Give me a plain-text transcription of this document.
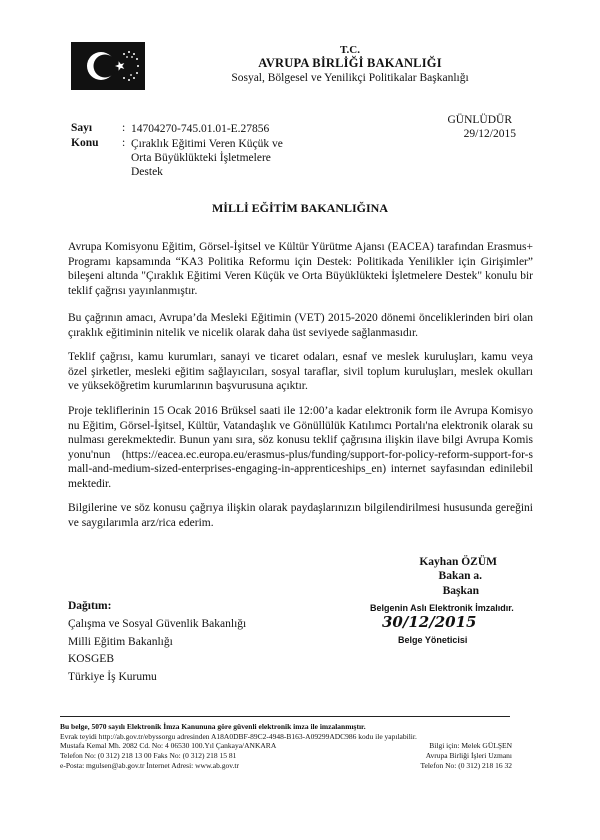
T.C.
AVRUPA BİRLİĞİ BAKANLIĞI
Sosyal, Bölgesel ve Yenilikçi Politikalar Başkanlığı
GÜNLÜDÜR
29/12/2015
Sayı	: 14704270-745.01.01-E.27856
Konu : Çıraklık Eğitimi Veren Küçük ve
Orta Büyüklükteki İşletmelere
Destek
MİLLİ EĞİTİM BAKANLIĞINA
Avrupa Komisyonu Eğitim, Görsel-İşitsel ve Kültür Yürütme Ajansı (EACEA) tarafından Erasmus+ Programı kapsamında “KA3 Politika Reformu için Destek: Politikada Yenilikler için Girişimler” bileşeni altında "Çıraklık Eğitimi Veren Küçük ve Orta Büyüklükteki İşletmelere Destek" konulu bir teklif çağrısı yayınlanmıştır.
Bu çağrının amacı, Avrupa’da Mesleki Eğitimin (VET) 2015-2020 dönemi önceliklerinden biri olan çıraklık eğitiminin nitelik ve nicelik olarak daha üst seviyede sağlanmasıdır.
Teklif çağrısı, kamu kurumları, sanayi ve ticaret odaları, esnaf ve meslek kuruluşları, kamu veya özel şirketler, mesleki eğitim sağlayıcıları, sosyal taraflar, sivil toplum kuruluşları, meslek okulları ve yükseköğretim kurumlarının başvurusuna açıktır.
Proje tekliflerinin 15 Ocak 2016 Brüksel saati ile 12:00’a kadar elektronik form ile Avrupa Komisyonu Eğitim, Görsel-İşitsel, Kültür, Vatandaşlık ve Gönüllülük Katılımcı Portalı'na elektronik olarak sunulması gerekmektedir. Bunun yanı sıra, söz konusu teklif çağrısına ilişkin ilave bilgi Avrupa Komisyonu'nun (https://eacea.ec.europa.eu/erasmus-plus/funding/support-for-policy-reform-support-for-small-and-medium-sized-enterprises-engaging-in-apprenticeships_en) internet sayfasından edinilebilmektedir.
Bilgilerine ve söz konusu çağrıya ilişkin olarak paydaşlarınızın bilgilendirilmesi hususunda gereğini ve saygılarımla arz/rica ederim.
Kayhan ÖZÜM
Bakan a.
Başkan
Belgenin Aslı Elektronik İmzalıdır.
30/12/2015
Belge Yöneticisi
Dağıtım:
Çalışma ve Sosyal Güvenlik Bakanlığı
Milli Eğitim Bakanlığı
KOSGEB
Türkiye İş Kurumu
Bu belge, 5070 sayılı Elektronik İmza Kanununa göre güvenli elektronik imza ile imzalanmıştır.
Evrak teyidi http://ab.gov.tr/ebyssorgu adresinden A18A0DBF-89C2-4948-B163-A09299ADC986 kodu ile yapılabilir.
Mustafa Kemal Mh. 2082 Cd. No: 4 06530 100.Yıl Çankaya/ANKARA
Telefon No: (0 312) 218 13 00 Faks No: (0 312) 218 15 81
e-Posta: mgulsen@ab.gov.tr İnternet Adresi: www.ab.gov.tr
Bilgi için: Melek GÜLŞEN
Avrupa Birliği İşleri Uzmanı
Telefon No: (0 312) 218 16 32
